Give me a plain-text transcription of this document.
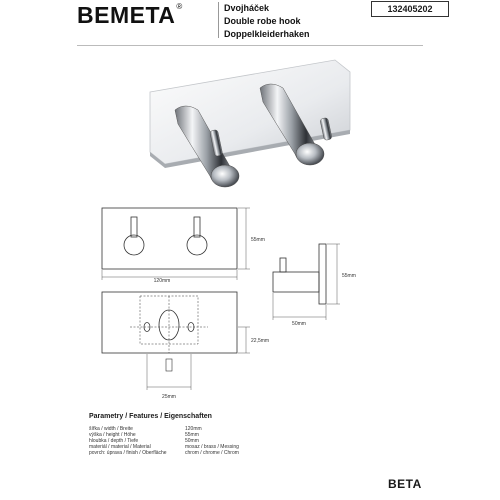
BEMETA®	Dvojháček
Double robe hook
Doppelkleiderhaken
132405202
55mm
120mm
22,5mm
25mm
55mm
50mm
Parametry / Features / Eigenschaften
šířka / width / Breite	120mm
výška / height / Höhe	55mm
hloubka / depth / Tiefe	50mm
materiál / material / Material	mosaz / brass / Messing
povrch: úprava / finish / Oberfläche	chrom / chrome / Chrom
BETA
